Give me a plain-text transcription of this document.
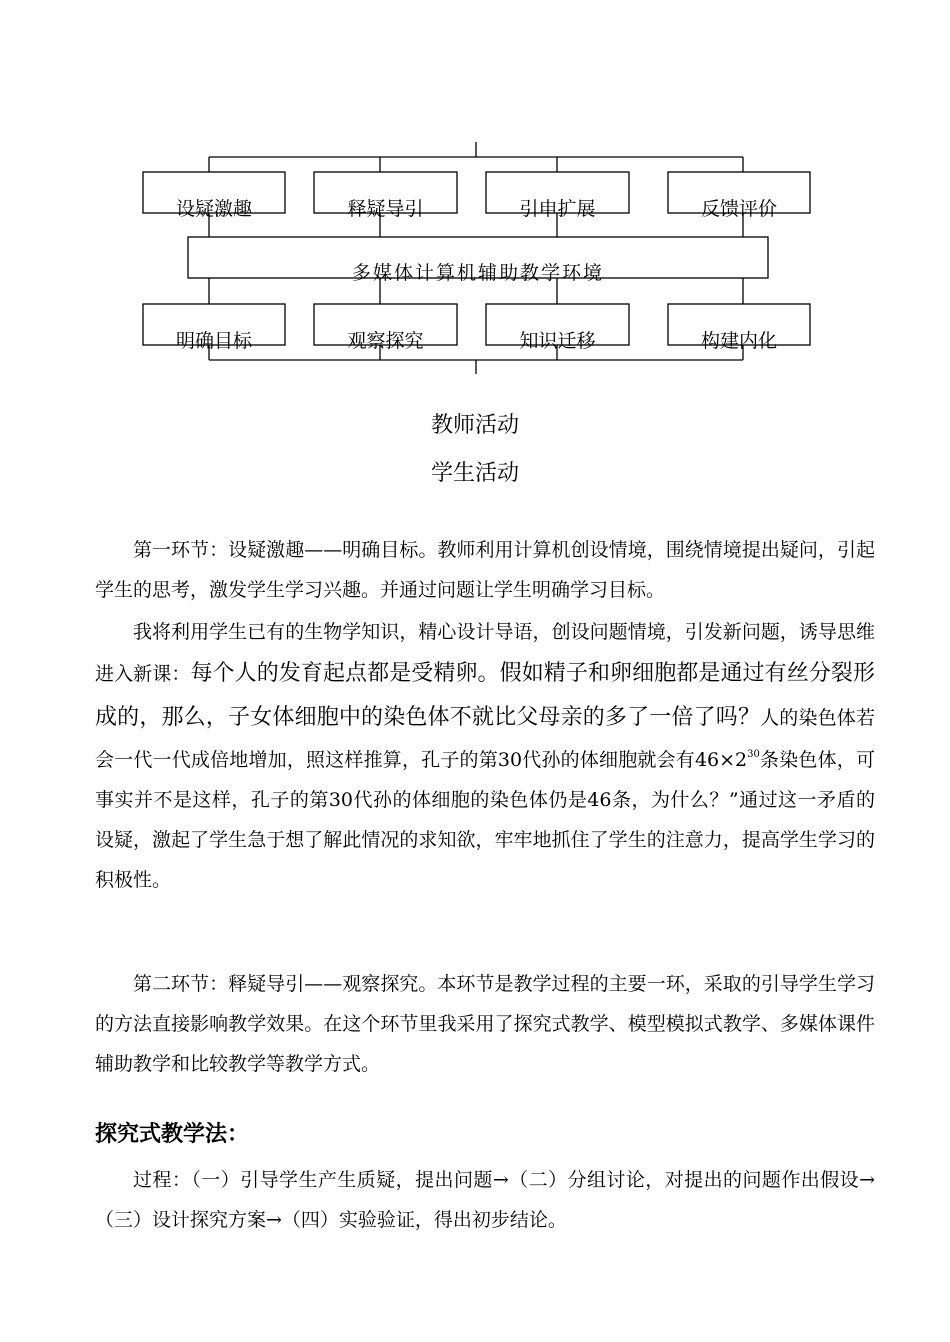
设疑激趣	释疑导引	引申扩展	反馈评价
多媒体计算机辅助教学环境
明确目标	观察探究	知识迁移	构建内化
教师活动
学生活动
第一环节：设疑激趣——明确目标。教师利用计算机创设情境，围绕情境提出疑问，引起学生的思考，激发学生学习兴趣。并通过问题让学生明确学习目标。
我将利用学生已有的生物学知识，精心设计导语，创设问题情境，引发新问题，诱导思维进入新课：每个人的发育起点都是受精卵。假如精子和卵细胞都是通过有丝分裂形成的，那么，子女体细胞中的染色体不就比父母亲的多了一倍了吗？人的染色体若会一代一代成倍地增加，照这样推算，孔子的第30代孙的体细胞就会有$46\times 2^{30}$条染色体，可事实并不是这样，孔子的第30代孙的体细胞的染色体仍是46条，为什么？”通过这一矛盾的设疑，激起了学生急于想了解此情况的求知欲，牢牢地抓住了学生的注意力，提高学生学习的积极性。
第二环节：释疑导引——观察探究。本环节是教学过程的主要一环，采取的引导学生学习的方法直接影响教学效果。在这个环节里我采用了探究式教学、模型模拟式教学、多媒体课件辅助教学和比较教学等教学方式。
探究式教学法：
过程：（一）引导学生产生质疑，提出问题→（二）分组讨论，对提出的问题作出假设→（三）设计探究方案→（四）实验验证，得出初步结论。
